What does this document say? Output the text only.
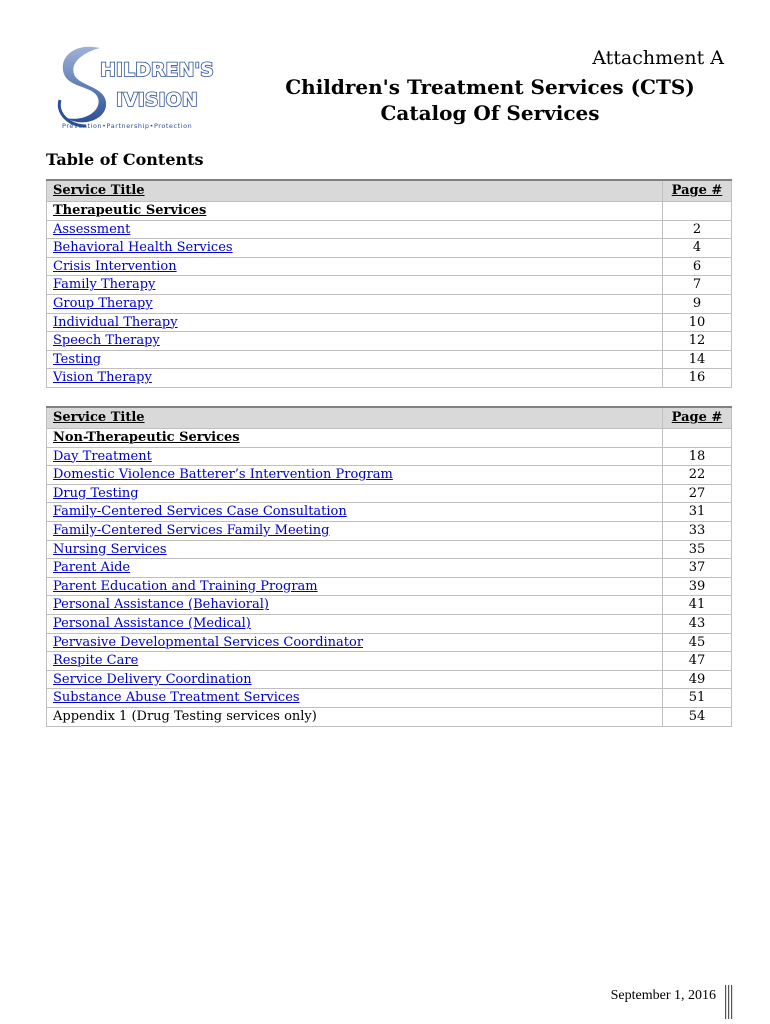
HILDREN'S
IVISION
Prevention•Partnership•Protection
Attachment A
Children's Treatment Services (CTS)
Catalog Of Services
Table of Contents
Service Title	Page #
Therapeutic Services	
Assessment	2
Behavioral Health Services	4
Crisis Intervention	6
Family Therapy	7
Group Therapy	9
Individual Therapy	10
Speech Therapy	12
Testing	14
Vision Therapy	16
Service Title	Page #
Non-Therapeutic Services	
Day Treatment	18
Domestic Violence Batterer’s Intervention Program	22
Drug Testing	27
Family-Centered Services Case Consultation	31
Family-Centered Services Family Meeting	33
Nursing Services	35
Parent Aide	37
Parent Education and Training Program	39
Personal Assistance (Behavioral)	41
Personal Assistance (Medical)	43
Pervasive Developmental Services Coordinator	45
Respite Care	47
Service Delivery Coordination	49
Substance Abuse Treatment Services	51
Appendix 1 (Drug Testing services only)	54
September 1, 2016
